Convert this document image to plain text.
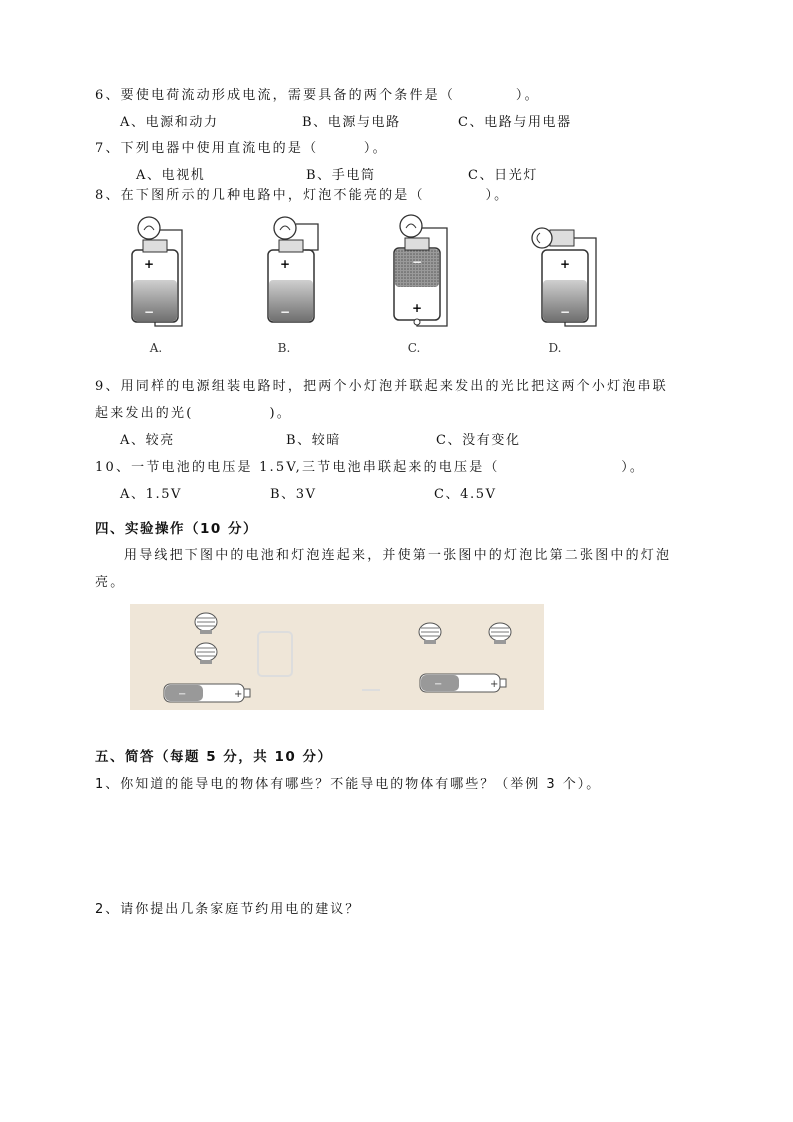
6、要使电荷流动形成电流，需要具备的两个条件是（　　　　）。
A、电源和动力	B、电源与电路	C、电路与用电器
7、下列电器中使用直流电的是（　　　）。
A、电视机	B、手电筒	C、日光灯
8、在下图所示的几种电路中，灯泡不能亮的是（　　　　）。
+
−
A.
+
−
B.
−
+
C.
+
−
D.
9、用同样的电源组装电路时，把两个小灯泡并联起来发出的光比把这两个小灯泡串联
起来发出的光(　　　　　)。
A、较亮	B、较暗	C、没有变化
10、一节电池的电压是 1.5V,三节电池串联起来的电压是（　　　　　　　　）。
A、1.5V	B、3V	C、4.5V
四、实验操作（10 分）
用导线把下图中的电池和灯泡连起来，并使第一张图中的灯泡比第二张图中的灯泡
亮。
−	+
−	+
五、简答（每题 5 分，共 10 分）
1、你知道的能导电的物体有哪些？不能导电的物体有哪些？（举例 3 个）。
2、请你提出几条家庭节约用电的建议？
